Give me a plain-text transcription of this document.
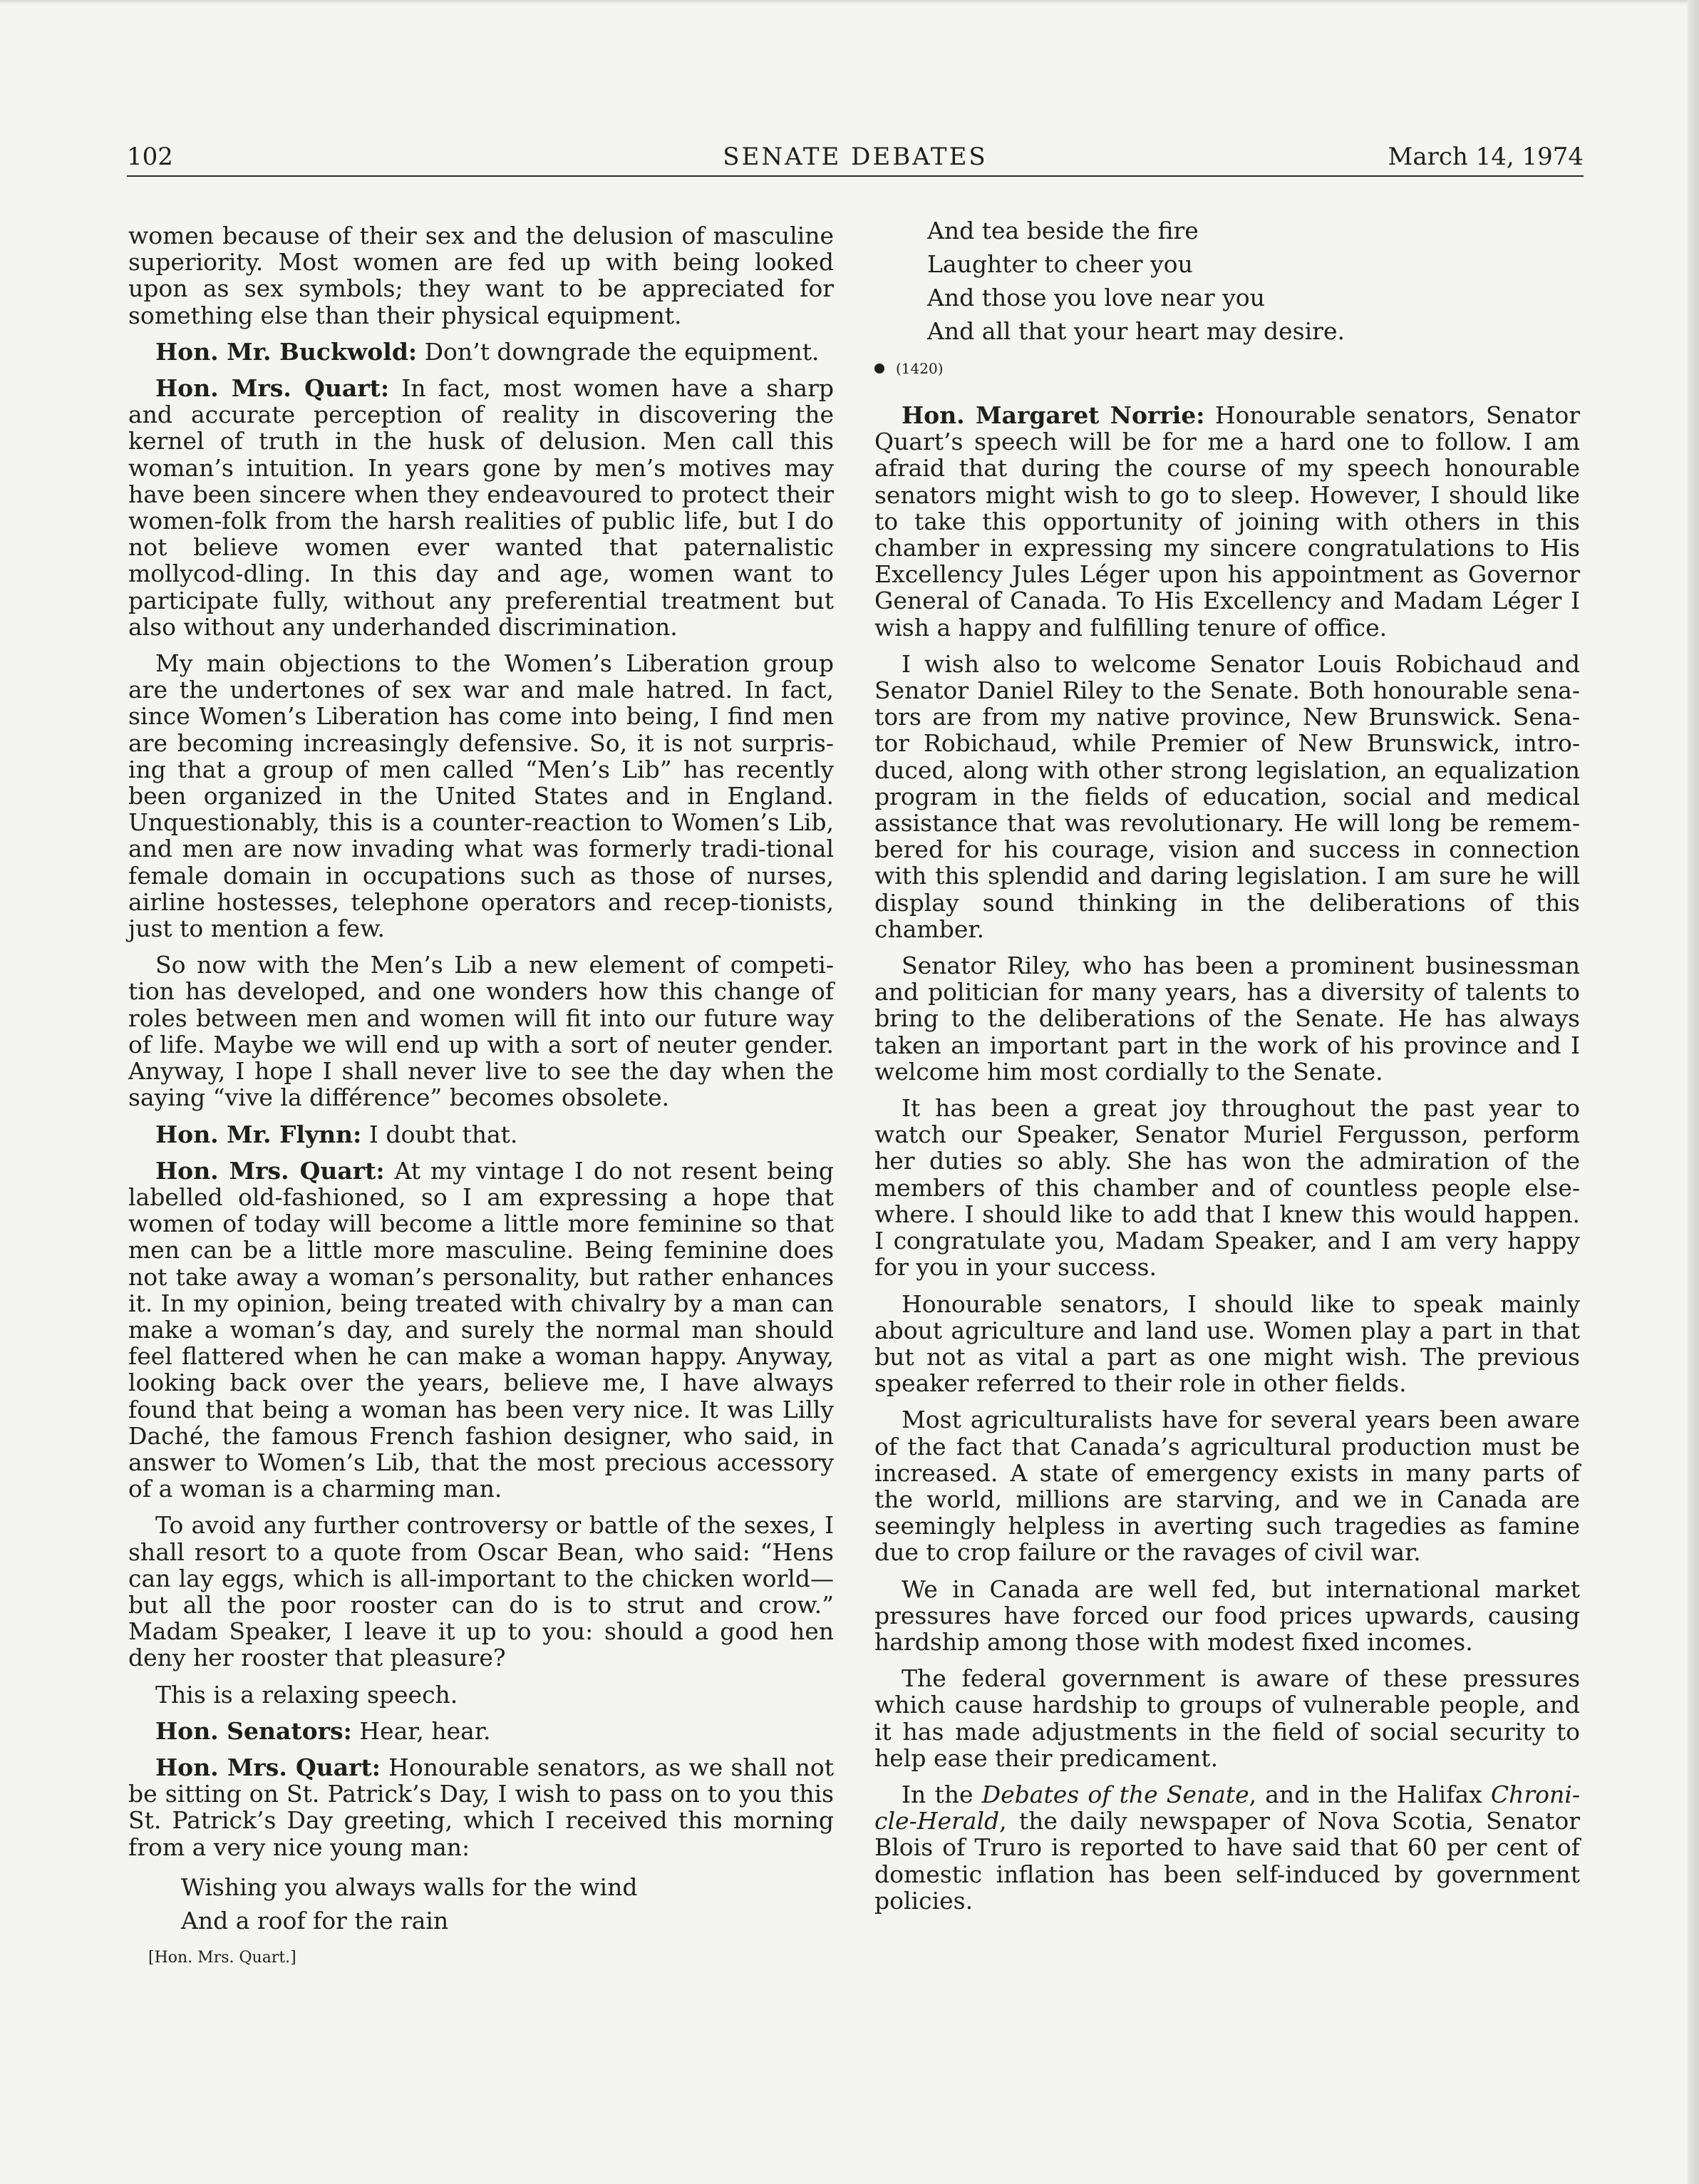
102	SENATE DEBATES	March 14, 1974

women because of their sex and the delusion of masculine superiority. Most women are fed up with being looked upon as sex symbols; they want to be appreciated for something else than their physical equipment.

Hon. Mr. Buckwold: Don’t downgrade the equipment.

Hon. Mrs. Quart: In fact, most women have a sharp and accurate perception of reality in discovering the kernel of truth in the husk of delusion. Men call this woman’s intuition. In years gone by men’s motives may have been sincere when they endeavoured to protect their women-folk from the harsh realities of public life, but I do not believe women ever wanted that paternalistic mollycod-dling. In this day and age, women want to participate fully, without any preferential treatment but also without any underhanded discrimination.

My main objections to the Women’s Liberation group are the undertones of sex war and male hatred. In fact, since Women’s Liberation has come into being, I find men are becoming increasingly defensive. So, it is not surpris-ing that a group of men called “Men’s Lib” has recently been organized in the United States and in England. Unquestionably, this is a counter-reaction to Women’s Lib, and men are now invading what was formerly tradi-tional female domain in occupations such as those of nurses, airline hostesses, telephone operators and recep-tionists, just to mention a few.

So now with the Men’s Lib a new element of competi-tion has developed, and one wonders how this change of roles between men and women will fit into our future way of life. Maybe we will end up with a sort of neuter gender. Anyway, I hope I shall never live to see the day when the saying “vive la différence” becomes obsolete.

Hon. Mr. Flynn: I doubt that.

Hon. Mrs. Quart: At my vintage I do not resent being labelled old-fashioned, so I am expressing a hope that women of today will become a little more feminine so that men can be a little more masculine. Being feminine does not take away a woman’s personality, but rather enhances it. In my opinion, being treated with chivalry by a man can make a woman’s day, and surely the normal man should feel flattered when he can make a woman happy. Anyway, looking back over the years, believe me, I have always found that being a woman has been very nice. It was Lilly Daché, the famous French fashion designer, who said, in answer to Women’s Lib, that the most precious accessory of a woman is a charming man.

To avoid any further controversy or battle of the sexes, I shall resort to a quote from Oscar Bean, who said: “Hens can lay eggs, which is all-important to the chicken world—but all the poor rooster can do is to strut and crow.” Madam Speaker, I leave it up to you: should a good hen deny her rooster that pleasure?

This is a relaxing speech.

Hon. Senators: Hear, hear.

Hon. Mrs. Quart: Honourable senators, as we shall not be sitting on St. Patrick’s Day, I wish to pass on to you this St. Patrick’s Day greeting, which I received this morning from a very nice young man:

Wishing you always walls for the wind
And a roof for the rain
[Hon. Mrs. Quart.]
And tea beside the fire
Laughter to cheer you
And those you love near you
And all that your heart may desire.
(1420)

Hon. Margaret Norrie: Honourable senators, Senator Quart’s speech will be for me a hard one to follow. I am afraid that during the course of my speech honourable senators might wish to go to sleep. However, I should like to take this opportunity of joining with others in this chamber in expressing my sincere congratulations to His Excellency Jules Léger upon his appointment as Governor General of Canada. To His Excellency and Madam Léger I wish a happy and fulfilling tenure of office.

I wish also to welcome Senator Louis Robichaud and Senator Daniel Riley to the Senate. Both honourable sena-tors are from my native province, New Brunswick. Sena-tor Robichaud, while Premier of New Brunswick, intro-duced, along with other strong legislation, an equalization program in the fields of education, social and medical assistance that was revolutionary. He will long be remem-bered for his courage, vision and success in connection with this splendid and daring legislation. I am sure he will display sound thinking in the deliberations of this chamber.

Senator Riley, who has been a prominent businessman and politician for many years, has a diversity of talents to bring to the deliberations of the Senate. He has always taken an important part in the work of his province and I welcome him most cordially to the Senate.

It has been a great joy throughout the past year to watch our Speaker, Senator Muriel Fergusson, perform her duties so ably. She has won the admiration of the members of this chamber and of countless people else-where. I should like to add that I knew this would happen. I congratulate you, Madam Speaker, and I am very happy for you in your success.

Honourable senators, I should like to speak mainly about agriculture and land use. Women play a part in that but not as vital a part as one might wish. The previous speaker referred to their role in other fields.

Most agriculturalists have for several years been aware of the fact that Canada’s agricultural production must be increased. A state of emergency exists in many parts of the world, millions are starving, and we in Canada are seemingly helpless in averting such tragedies as famine due to crop failure or the ravages of civil war.

We in Canada are well fed, but international market pressures have forced our food prices upwards, causing hardship among those with modest fixed incomes.

The federal government is aware of these pressures which cause hardship to groups of vulnerable people, and it has made adjustments in the field of social security to help ease their predicament.

In the Debates of the Senate, and in the Halifax Chroni-cle-Herald, the daily newspaper of Nova Scotia, Senator Blois of Truro is reported to have said that 60 per cent of domestic inflation has been self-induced by government policies.
